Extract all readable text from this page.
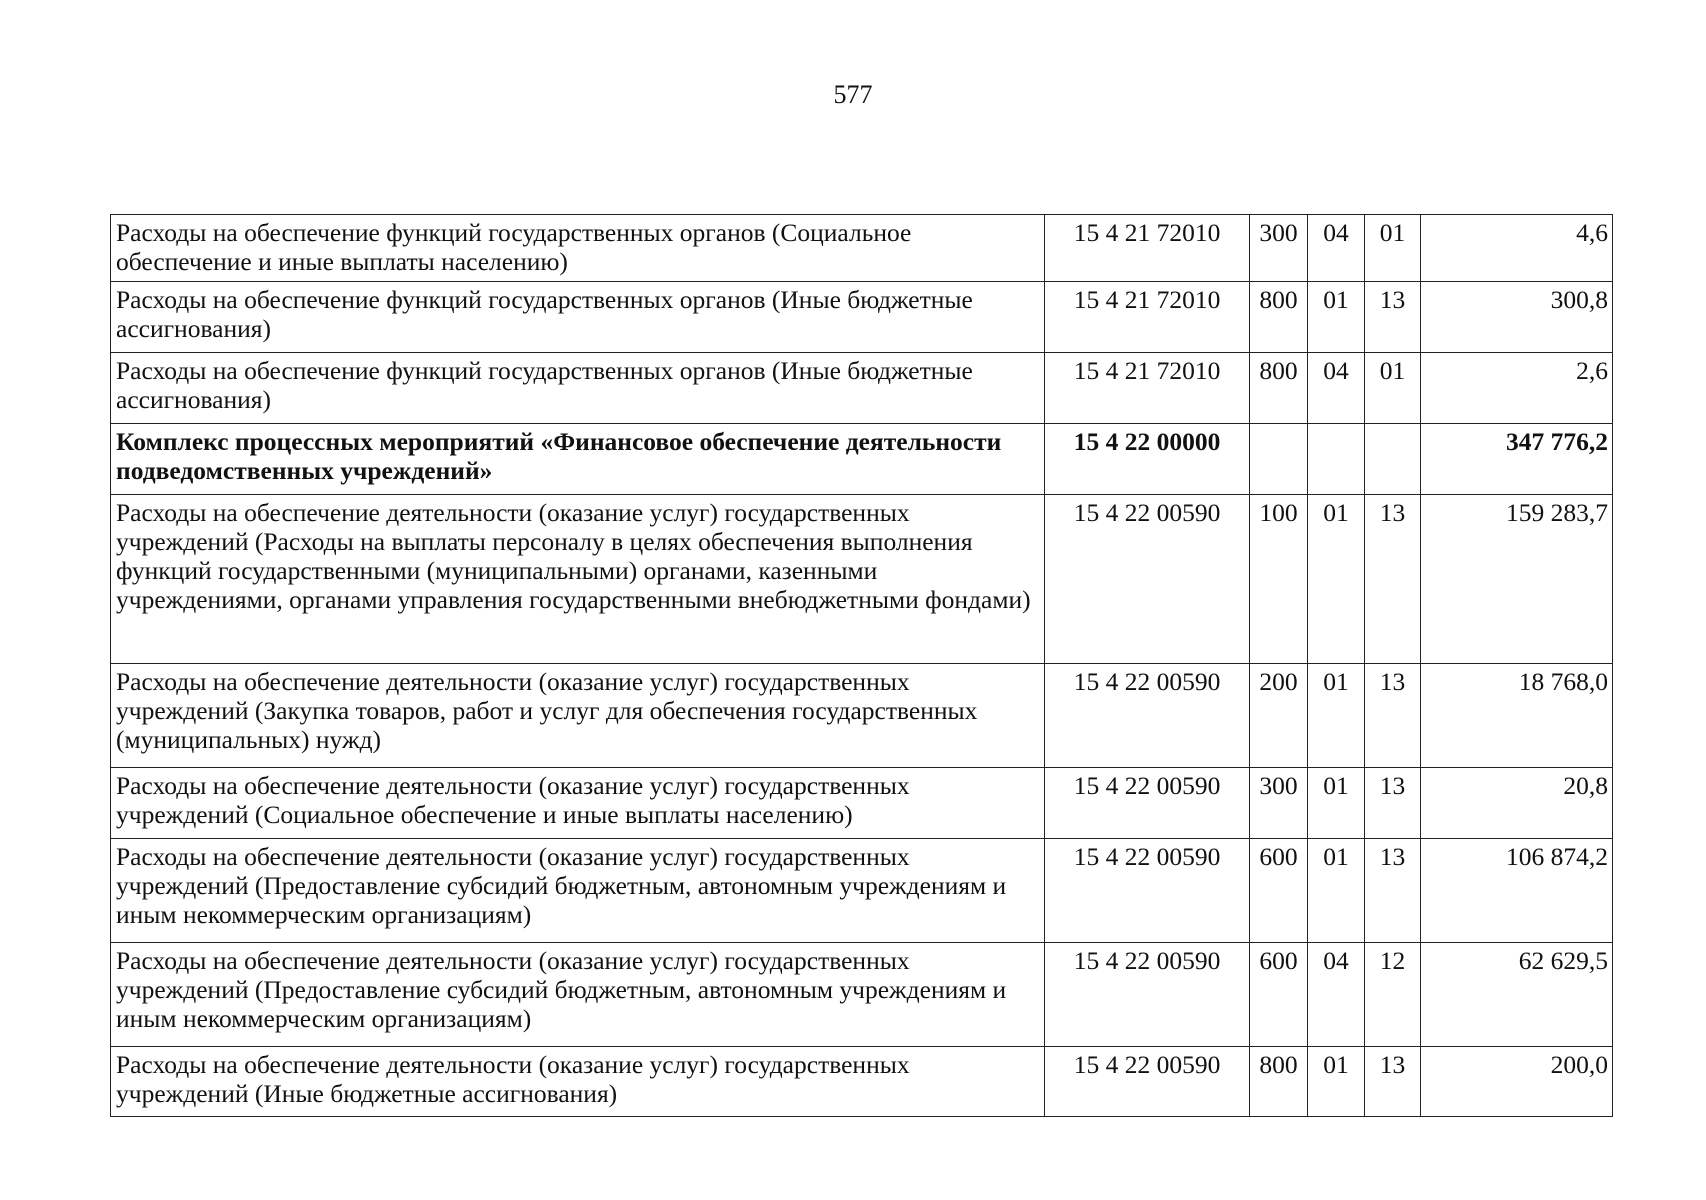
577
Расходы на обеспечение функций государственных органов (Социальное обеспечение и иные выплаты населению)	15 4 21 72010	300	04	01	4,6
Расходы на обеспечение функций государственных органов (Иные бюджетные ассигнования)	15 4 21 72010	800	01	13	300,8
Расходы на обеспечение функций государственных органов (Иные бюджетные ассигнования)	15 4 21 72010	800	04	01	2,6
Комплекс процессных мероприятий «Финансовое обеспечение деятельности подведомственных учреждений»	15 4 22 00000				347 776,2
Расходы на обеспечение деятельности (оказание услуг) государственных учреждений (Расходы на выплаты персоналу в целях обеспечения выполнения функций государственными (муниципальными) органами, казенными учреждениями, органами управления государственными внебюджетными фондами)	15 4 22 00590	100	01	13	159 283,7
Расходы на обеспечение деятельности (оказание услуг) государственных учреждений (Закупка товаров, работ и услуг для обеспечения государственных (муниципальных) нужд)	15 4 22 00590	200	01	13	18 768,0
Расходы на обеспечение деятельности (оказание услуг) государственных учреждений (Социальное обеспечение и иные выплаты населению)	15 4 22 00590	300	01	13	20,8
Расходы на обеспечение деятельности (оказание услуг) государственных учреждений (Предоставление субсидий бюджетным, автономным учреждениям и иным некоммерческим организациям)	15 4 22 00590	600	01	13	106 874,2
Расходы на обеспечение деятельности (оказание услуг) государственных учреждений (Предоставление субсидий бюджетным, автономным учреждениям и иным некоммерческим организациям)	15 4 22 00590	600	04	12	62 629,5
Расходы на обеспечение деятельности (оказание услуг) государственных учреждений (Иные бюджетные ассигнования)	15 4 22 00590	800	01	13	200,0
